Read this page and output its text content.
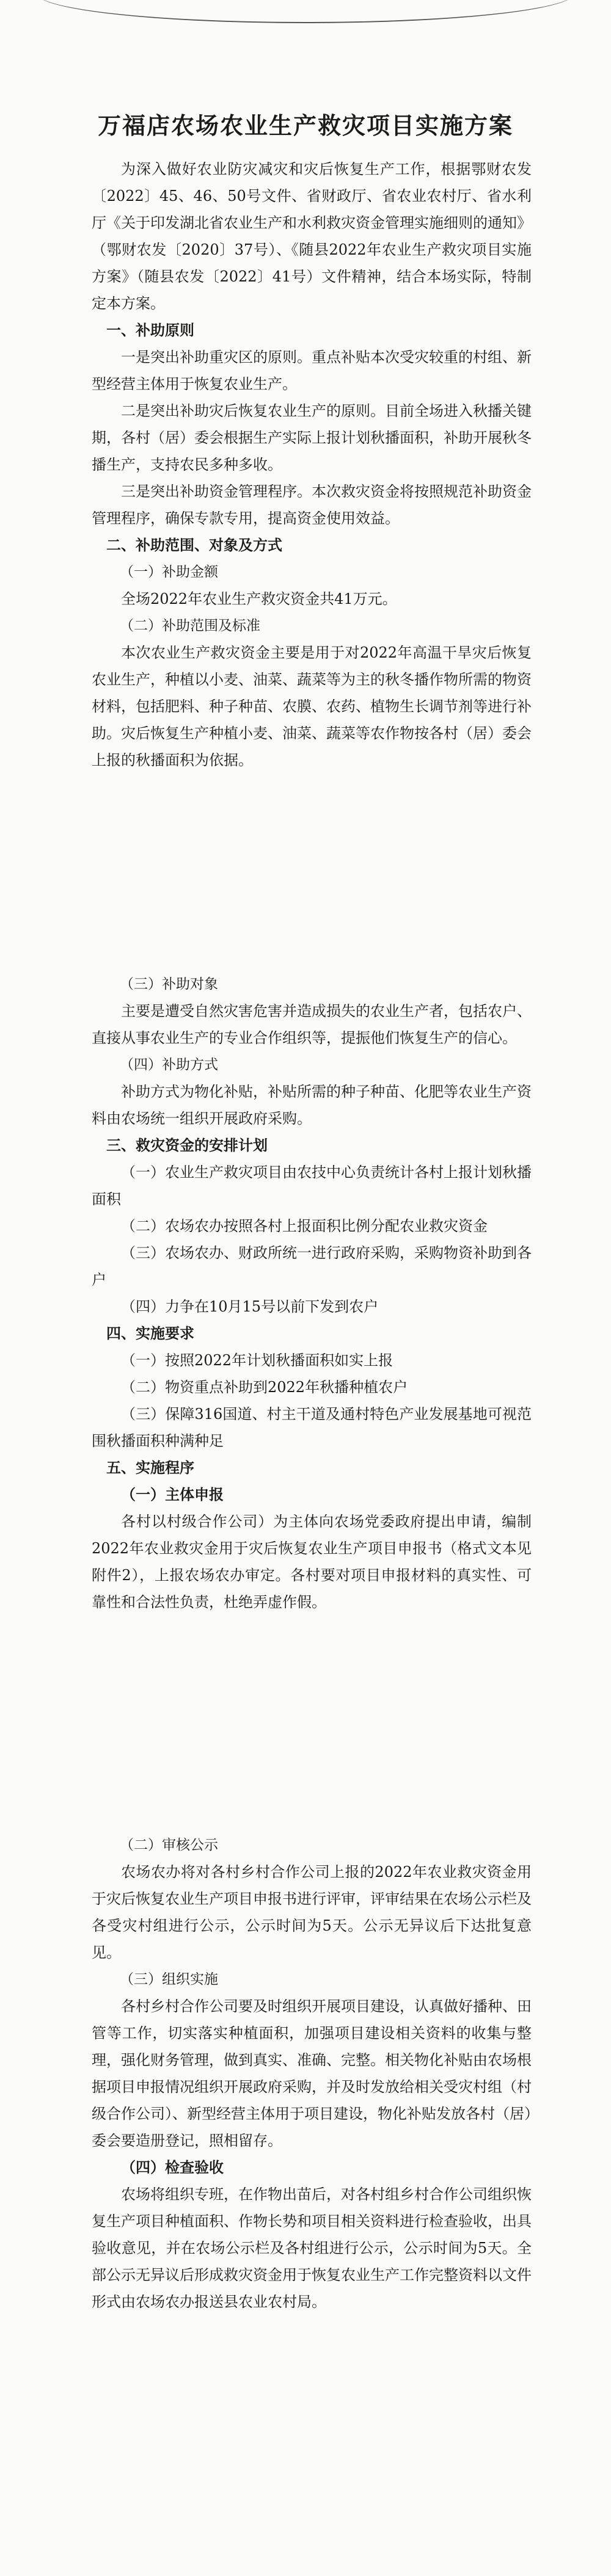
万福店农场农业生产救灾项目实施方案

为深入做好农业防灾减灾和灾后恢复生产工作，根据鄂财农发〔2022〕45、46、50号文件、省财政厅、省农业农村厅、省水利厅《关于印发湖北省农业生产和水利救灾资金管理实施细则的通知》（鄂财农发〔2020〕37号）、《随县2022年农业生产救灾项目实施方案》（随县农发〔2022〕41号）文件精神，结合本场实际，特制定本方案。

一、补助原则

一是突出补助重灾区的原则。重点补贴本次受灾较重的村组、新型经营主体用于恢复农业生产。

二是突出补助灾后恢复农业生产的原则。目前全场进入秋播关键期，各村（居）委会根据生产实际上报计划秋播面积，补助开展秋冬播生产，支持农民多种多收。

三是突出补助资金管理程序。本次救灾资金将按照规范补助资金管理程序，确保专款专用，提高资金使用效益。

二、补助范围、对象及方式

（一）补助金额

全场2022年农业生产救灾资金共41万元。

（二）补助范围及标准

本次农业生产救灾资金主要是用于对2022年高温干旱灾后恢复农业生产，种植以小麦、油菜、蔬菜等为主的秋冬播作物所需的物资材料，包括肥料、种子种苗、农膜、农药、植物生长调节剂等进行补助。灾后恢复生产种植小麦、油菜、蔬菜等农作物按各村（居）委会上报的秋播面积为依据。

（三）补助对象

主要是遭受自然灾害危害并造成损失的农业生产者，包括农户、直接从事农业生产的专业合作组织等，提振他们恢复生产的信心。

（四）补助方式

补助方式为物化补贴，补贴所需的种子种苗、化肥等农业生产资料由农场统一组织开展政府采购。

三、救灾资金的安排计划

（一）农业生产救灾项目由农技中心负责统计各村上报计划秋播面积

（二）农场农办按照各村上报面积比例分配农业救灾资金

（三）农场农办、财政所统一进行政府采购，采购物资补助到各户

（四）力争在10月15号以前下发到农户

四、实施要求

（一）按照2022年计划秋播面积如实上报

（二）物资重点补助到2022年秋播种植农户

（三）保障316国道、村主干道及通村特色产业发展基地可视范围秋播面积种满种足

五、实施程序

（一）主体申报

各村以村级合作公司）为主体向农场党委政府提出申请，编制2022年农业救灾金用于灾后恢复农业生产项目申报书（格式文本见附件2），上报农场农办审定。各村要对项目申报材料的真实性、可靠性和合法性负责，杜绝弄虚作假。

（二）审核公示

农场农办将对各村乡村合作公司上报的2022年农业救灾资金用于灾后恢复农业生产项目申报书进行评审，评审结果在农场公示栏及各受灾村组进行公示，公示时间为5天。公示无异议后下达批复意见。

（三）组织实施

各村乡村合作公司要及时组织开展项目建设，认真做好播种、田管等工作，切实落实种植面积，加强项目建设相关资料的收集与整理，强化财务管理，做到真实、准确、完整。相关物化补贴由农场根据项目申报情况组织开展政府采购，并及时发放给相关受灾村组（村级合作公司）、新型经营主体用于项目建设，物化补贴发放各村（居）委会要造册登记，照相留存。

（四）检查验收

农场将组织专班，在作物出苗后，对各村组乡村合作公司组织恢复生产项目种植面积、作物长势和项目相关资料进行检查验收，出具验收意见，并在农场公示栏及各村组进行公示，公示时间为5天。全部公示无异议后形成救灾资金用于恢复农业生产工作完整资料以文件形式由农场农办报送县农业农村局。
